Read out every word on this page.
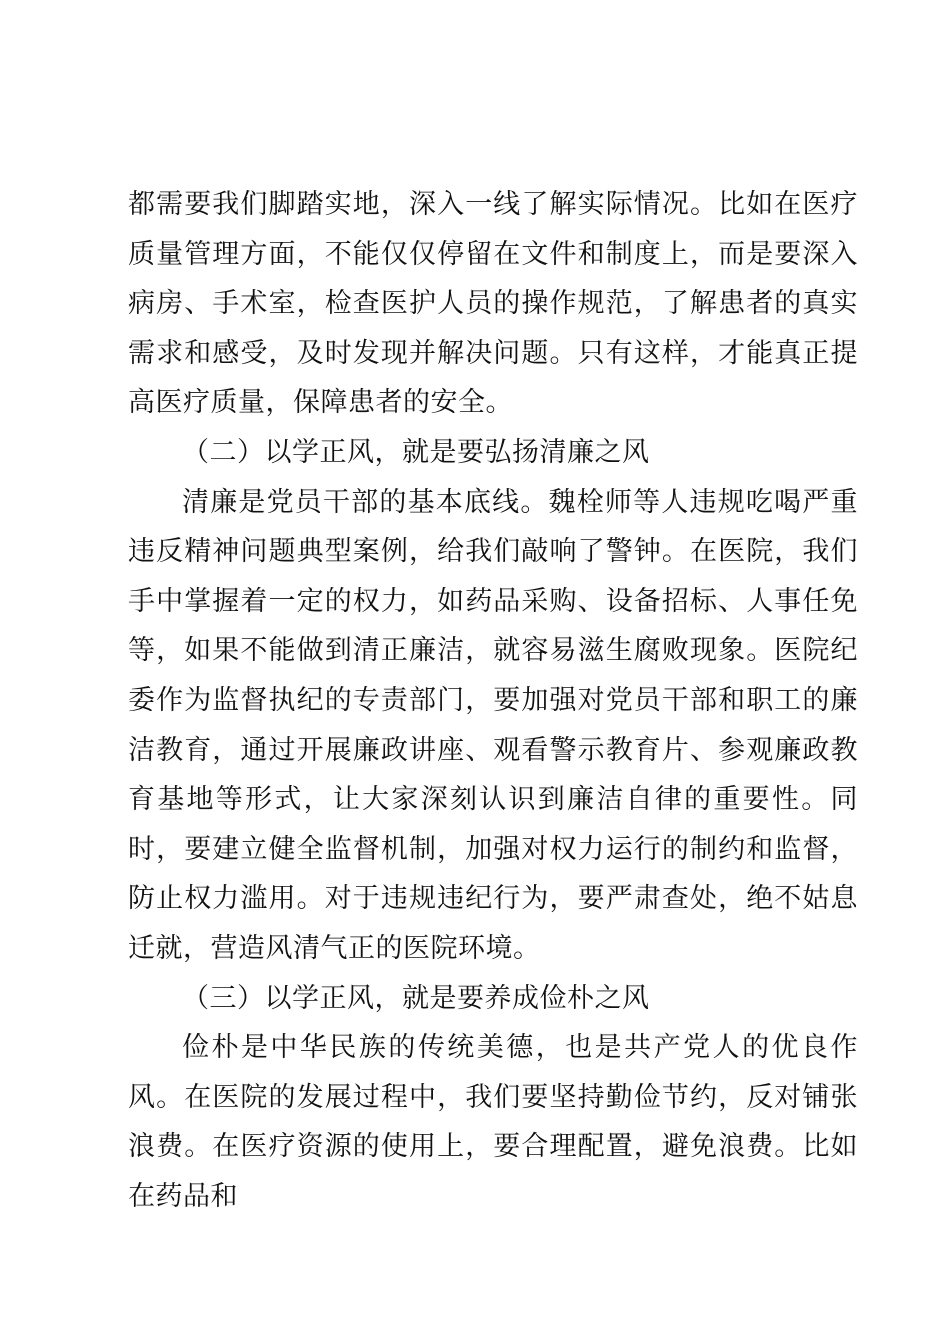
都需要我们脚踏实地，深入一线了解实际情况。比如在医疗质量管理方面，不能仅仅停留在文件和制度上，而是要深入病房、手术室，检查医护人员的操作规范，了解患者的真实需求和感受，及时发现并解决问题。只有这样，才能真正提高医疗质量，保障患者的安全。

（二）以学正风，就是要弘扬清廉之风

清廉是党员干部的基本底线。魏栓师等人违规吃喝严重违反精神问题典型案例，给我们敲响了警钟。在医院，我们手中掌握着一定的权力，如药品采购、设备招标、人事任免等，如果不能做到清正廉洁，就容易滋生腐败现象。医院纪委作为监督执纪的专责部门，要加强对党员干部和职工的廉洁教育，通过开展廉政讲座、观看警示教育片、参观廉政教育基地等形式，让大家深刻认识到廉洁自律的重要性。同时，要建立健全监督机制，加强对权力运行的制约和监督，防止权力滥用。对于违规违纪行为，要严肃查处，绝不姑息迁就，营造风清气正的医院环境。

（三）以学正风，就是要养成俭朴之风

俭朴是中华民族的传统美德，也是共产党人的优良作风。在医院的发展过程中，我们要坚持勤俭节约，反对铺张浪费。在医疗资源的使用上，要合理配置，避免浪费。比如在药品和
